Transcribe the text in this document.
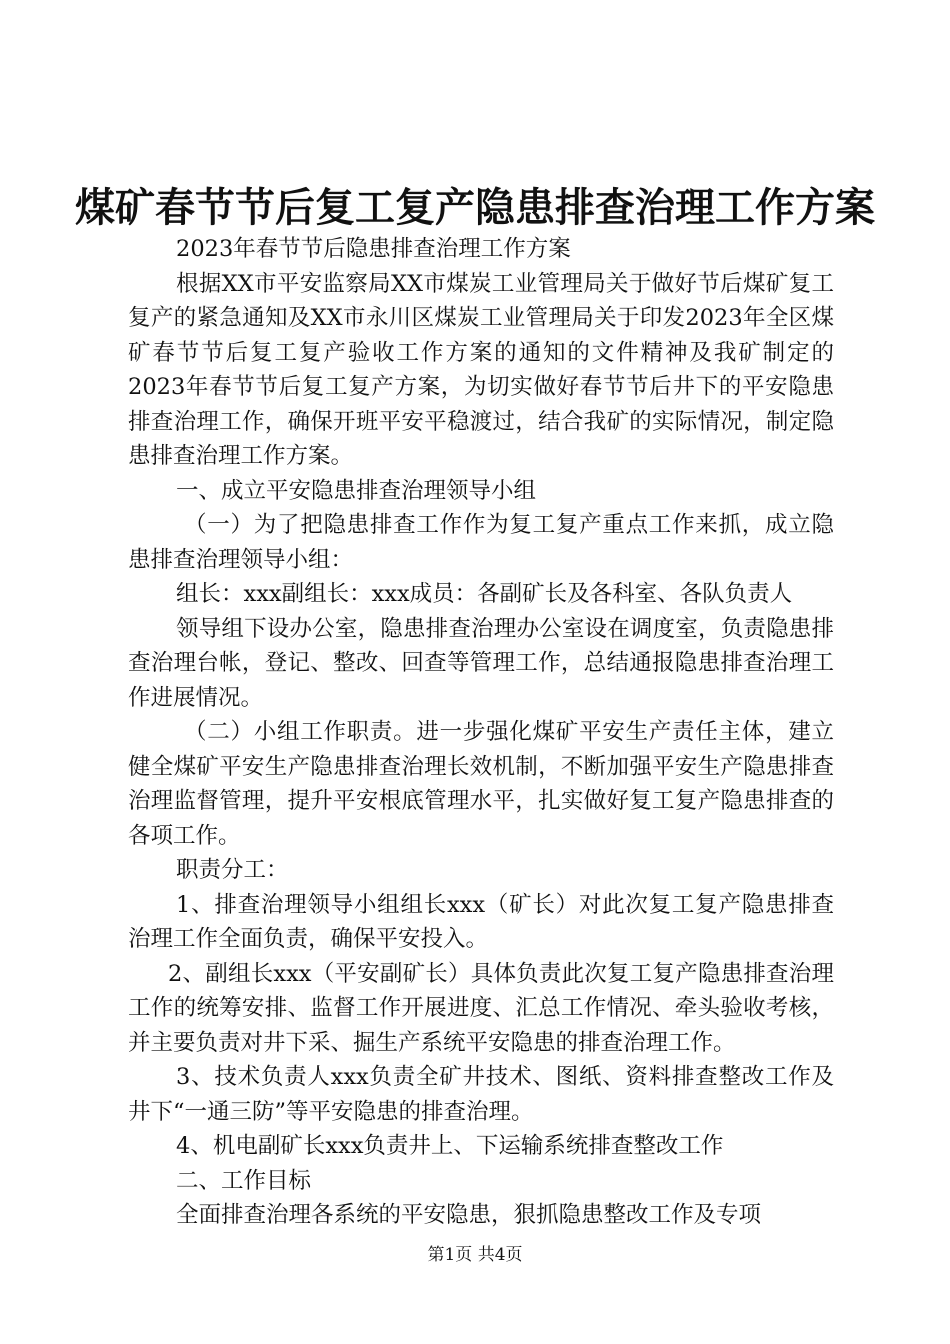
煤矿春节节后复工复产隐患排查治理工作方案

2023年春节节后隐患排查治理工作方案

根据XX市平安监察局XX市煤炭工业管理局关于做好节后煤矿复工复产的紧急通知及XX市永川区煤炭工业管理局关于印发2023年全区煤矿春节节后复工复产验收工作方案的通知的文件精神及我矿制定的2023年春节节后复工复产方案，为切实做好春节节后井下的平安隐患排查治理工作，确保开班平安平稳渡过，结合我矿的实际情况，制定隐患排查治理工作方案。

一、成立平安隐患排查治理领导小组

（一）为了把隐患排查工作作为复工复产重点工作来抓，成立隐患排查治理领导小组：

组长：xxx副组长：xxx成员：各副矿长及各科室、各队负责人

领导组下设办公室，隐患排查治理办公室设在调度室，负责隐患排查治理台帐，登记、整改、回查等管理工作，总结通报隐患排查治理工作进展情况。

（二）小组工作职责。进一步强化煤矿平安生产责任主体，建立健全煤矿平安生产隐患排查治理长效机制，不断加强平安生产隐患排查治理监督管理，提升平安根底管理水平，扎实做好复工复产隐患排查的各项工作。

职责分工：

1、排查治理领导小组组长xxx（矿长）对此次复工复产隐患排查治理工作全面负责，确保平安投入。

2、副组长xxx（平安副矿长）具体负责此次复工复产隐患排查治理工作的统筹安排、监督工作开展进度、汇总工作情况、牵头验收考核，并主要负责对井下采、掘生产系统平安隐患的排查治理工作。

3、技术负责人xxx负责全矿井技术、图纸、资料排查整改工作及井下“一通三防”等平安隐患的排查治理。

4、机电副矿长xxx负责井上、下运输系统排查整改工作

二、工作目标

全面排查治理各系统的平安隐患，狠抓隐患整改工作及专项

第1页 共4页
